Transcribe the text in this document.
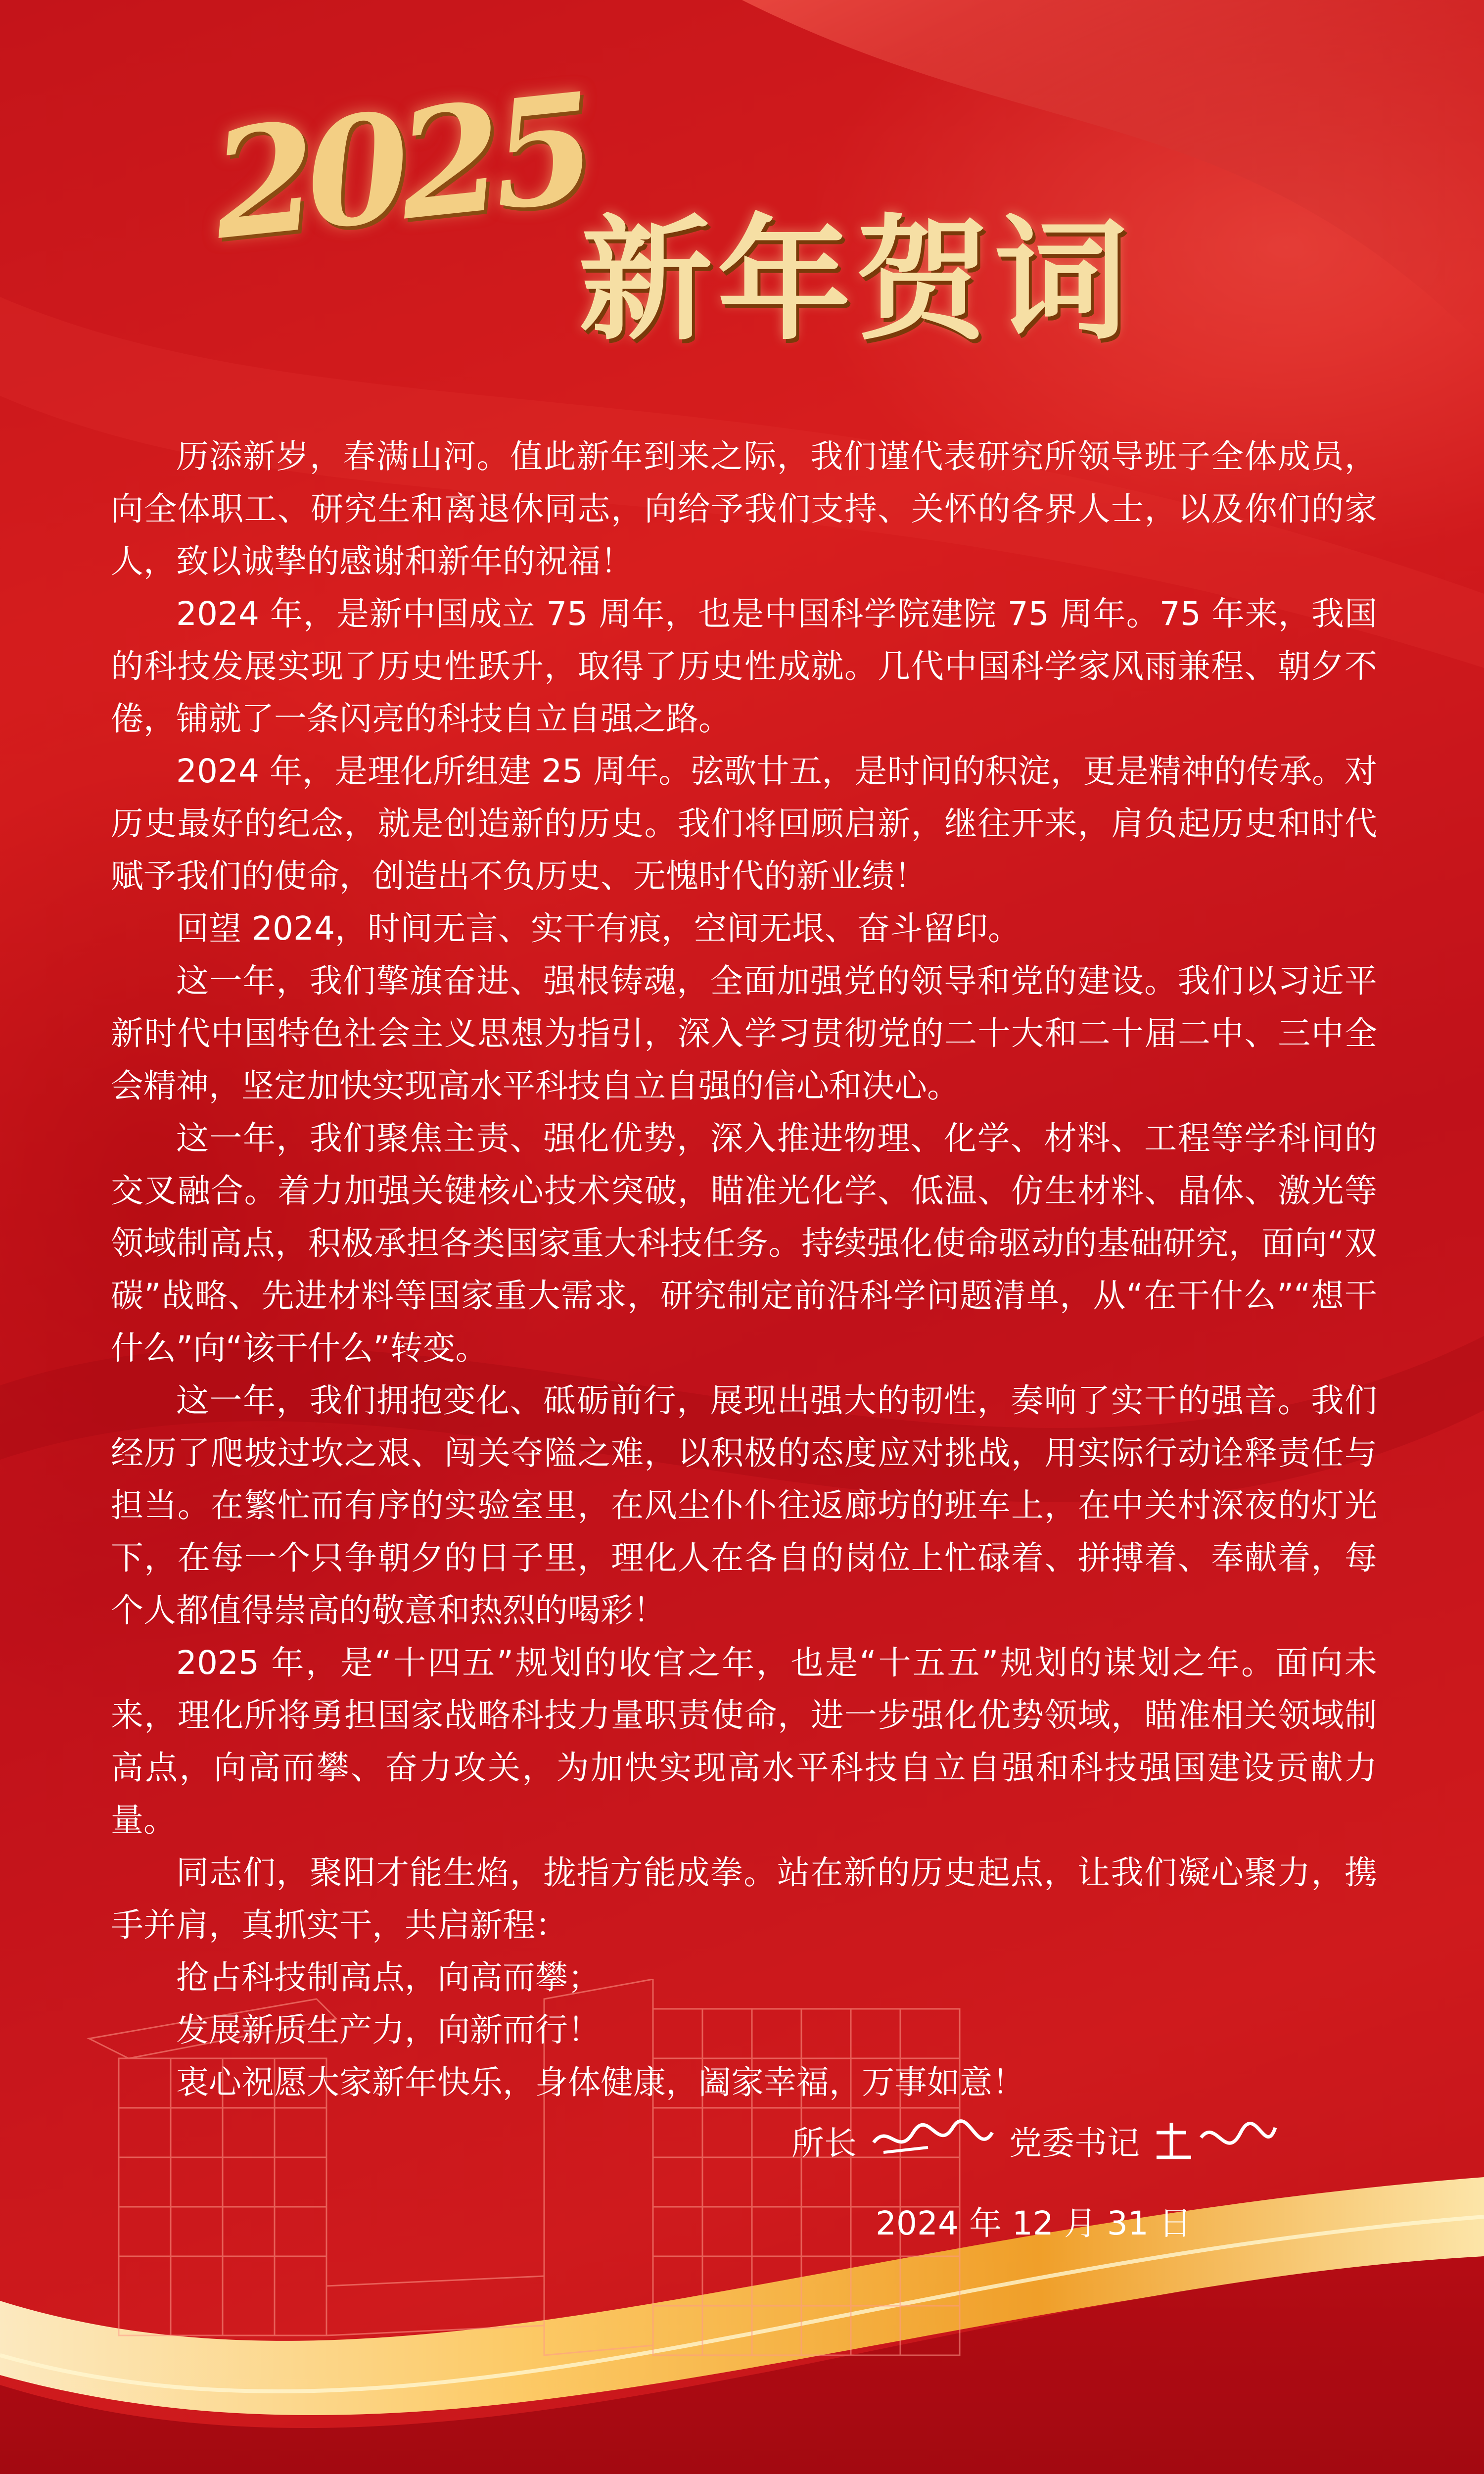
2025
新年贺词

历添新岁，春满山河。值此新年到来之际，我们谨代表研究所领导班子全体成员，向全体职工、研究生和离退休同志，向给予我们支持、关怀的各界人士，以及你们的家人，致以诚挚的感谢和新年的祝福！

2024 年，是新中国成立 75 周年，也是中国科学院建院 75 周年。75 年来，我国的科技发展实现了历史性跃升，取得了历史性成就。几代中国科学家风雨兼程、朝夕不倦，铺就了一条闪亮的科技自立自强之路。

2024 年，是理化所组建 25 周年。弦歌廿五，是时间的积淀，更是精神的传承。对历史最好的纪念，就是创造新的历史。我们将回顾启新，继往开来，肩负起历史和时代赋予我们的使命，创造出不负历史、无愧时代的新业绩！

回望 2024，时间无言、实干有痕，空间无垠、奋斗留印。

这一年，我们擎旗奋进、强根铸魂，全面加强党的领导和党的建设。我们以习近平新时代中国特色社会主义思想为指引，深入学习贯彻党的二十大和二十届二中、三中全会精神，坚定加快实现高水平科技自立自强的信心和决心。

这一年，我们聚焦主责、强化优势，深入推进物理、化学、材料、工程等学科间的交叉融合。着力加强关键核心技术突破，瞄准光化学、低温、仿生材料、晶体、激光等领域制高点，积极承担各类国家重大科技任务。持续强化使命驱动的基础研究，面向“双碳”战略、先进材料等国家重大需求，研究制定前沿科学问题清单，从“在干什么”“想干什么”向“该干什么”转变。

这一年，我们拥抱变化、砥砺前行，展现出强大的韧性，奏响了实干的强音。我们经历了爬坡过坎之艰、闯关夺隘之难，以积极的态度应对挑战，用实际行动诠释责任与担当。在繁忙而有序的实验室里，在风尘仆仆往返廊坊的班车上，在中关村深夜的灯光下，在每一个只争朝夕的日子里，理化人在各自的岗位上忙碌着、拼搏着、奉献着，每个人都值得崇高的敬意和热烈的喝彩！

2025 年，是“十四五”规划的收官之年，也是“十五五”规划的谋划之年。面向未来，理化所将勇担国家战略科技力量职责使命，进一步强化优势领域，瞄准相关领域制高点，向高而攀、奋力攻关，为加快实现高水平科技自立自强和科技强国建设贡献力量。

同志们，聚阳才能生焰，拢指方能成拳。站在新的历史起点，让我们凝心聚力，携手并肩，真抓实干，共启新程：

抢占科技制高点，向高而攀；

发展新质生产力，向新而行！

衷心祝愿大家新年快乐，身体健康，阖家幸福，万事如意！

所长	党委书记
2024 年 12 月 31 日
